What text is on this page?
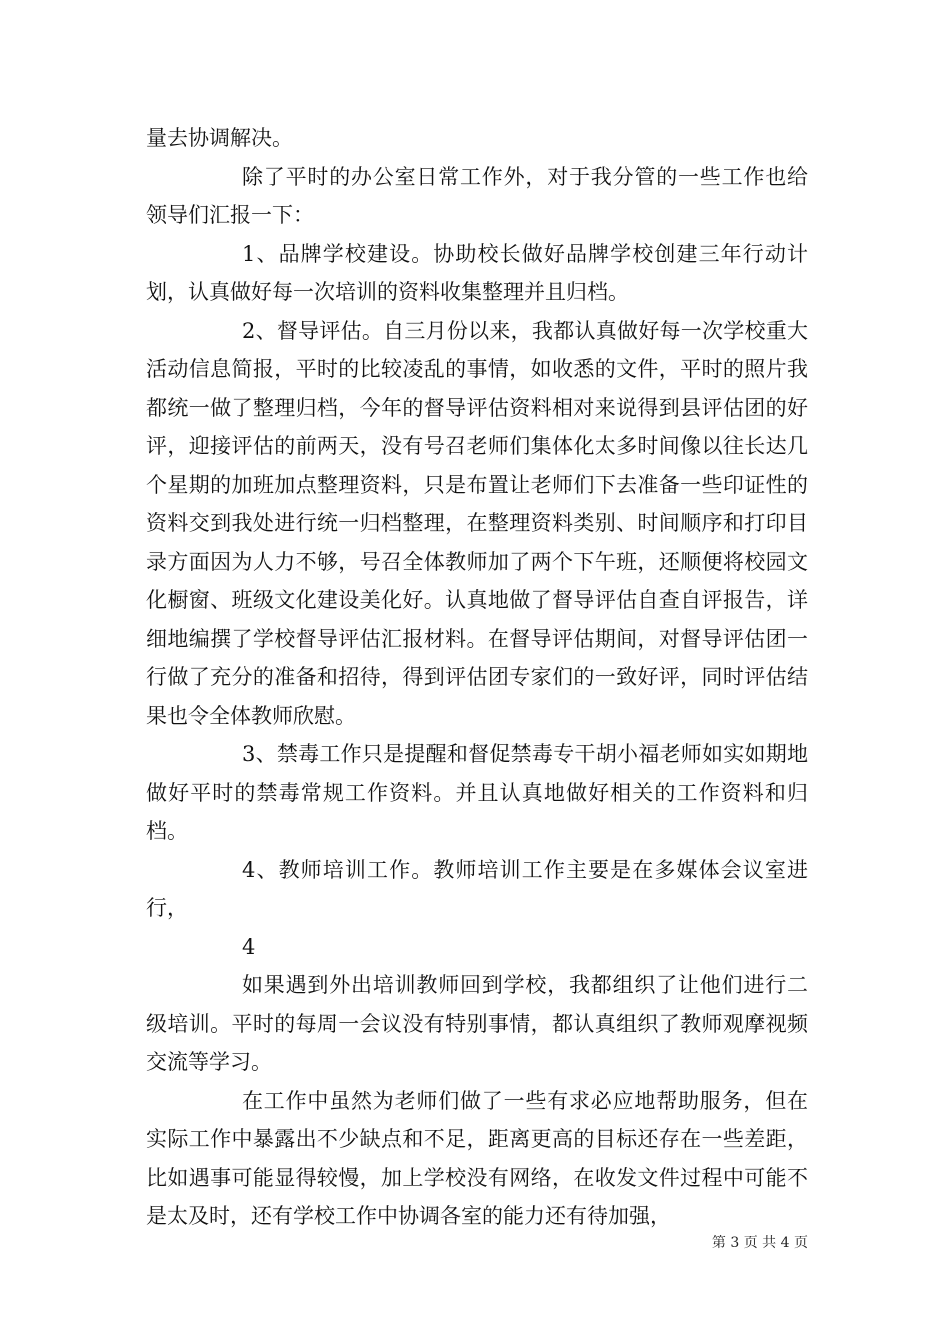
量去协调解决。

除了平时的办公室日常工作外，对于我分管的一些工作也给领导们汇报一下：

1、品牌学校建设。协助校长做好品牌学校创建三年行动计划，认真做好每一次培训的资料收集整理并且归档。

2、督导评估。自三月份以来，我都认真做好每一次学校重大活动信息简报，平时的比较凌乱的事情，如收悉的文件，平时的照片我都统一做了整理归档，今年的督导评估资料相对来说得到县评估团的好评，迎接评估的前两天，没有号召老师们集体化太多时间像以往长达几个星期的加班加点整理资料，只是布置让老师们下去准备一些印证性的资料交到我处进行统一归档整理，在整理资料类别、时间顺序和打印目录方面因为人力不够，号召全体教师加了两个下午班，还顺便将校园文化橱窗、班级文化建设美化好。认真地做了督导评估自查自评报告，详细地编撰了学校督导评估汇报材料。在督导评估期间，对督导评估团一行做了充分的准备和招待，得到评估团专家们的一致好评，同时评估结果也令全体教师欣慰。

3、禁毒工作只是提醒和督促禁毒专干胡小福老师如实如期地做好平时的禁毒常规工作资料。并且认真地做好相关的工作资料和归档。

4、教师培训工作。教师培训工作主要是在多媒体会议室进行，

4

如果遇到外出培训教师回到学校，我都组织了让他们进行二级培训。平时的每周一会议没有特别事情，都认真组织了教师观摩视频交流等学习。

在工作中虽然为老师们做了一些有求必应地帮助服务，但在实际工作中暴露出不少缺点和不足，距离更高的目标还存在一些差距，比如遇事可能显得较慢，加上学校没有网络，在收发文件过程中可能不是太及时，还有学校工作中协调各室的能力还有待加强，

第 3 页 共 4 页
